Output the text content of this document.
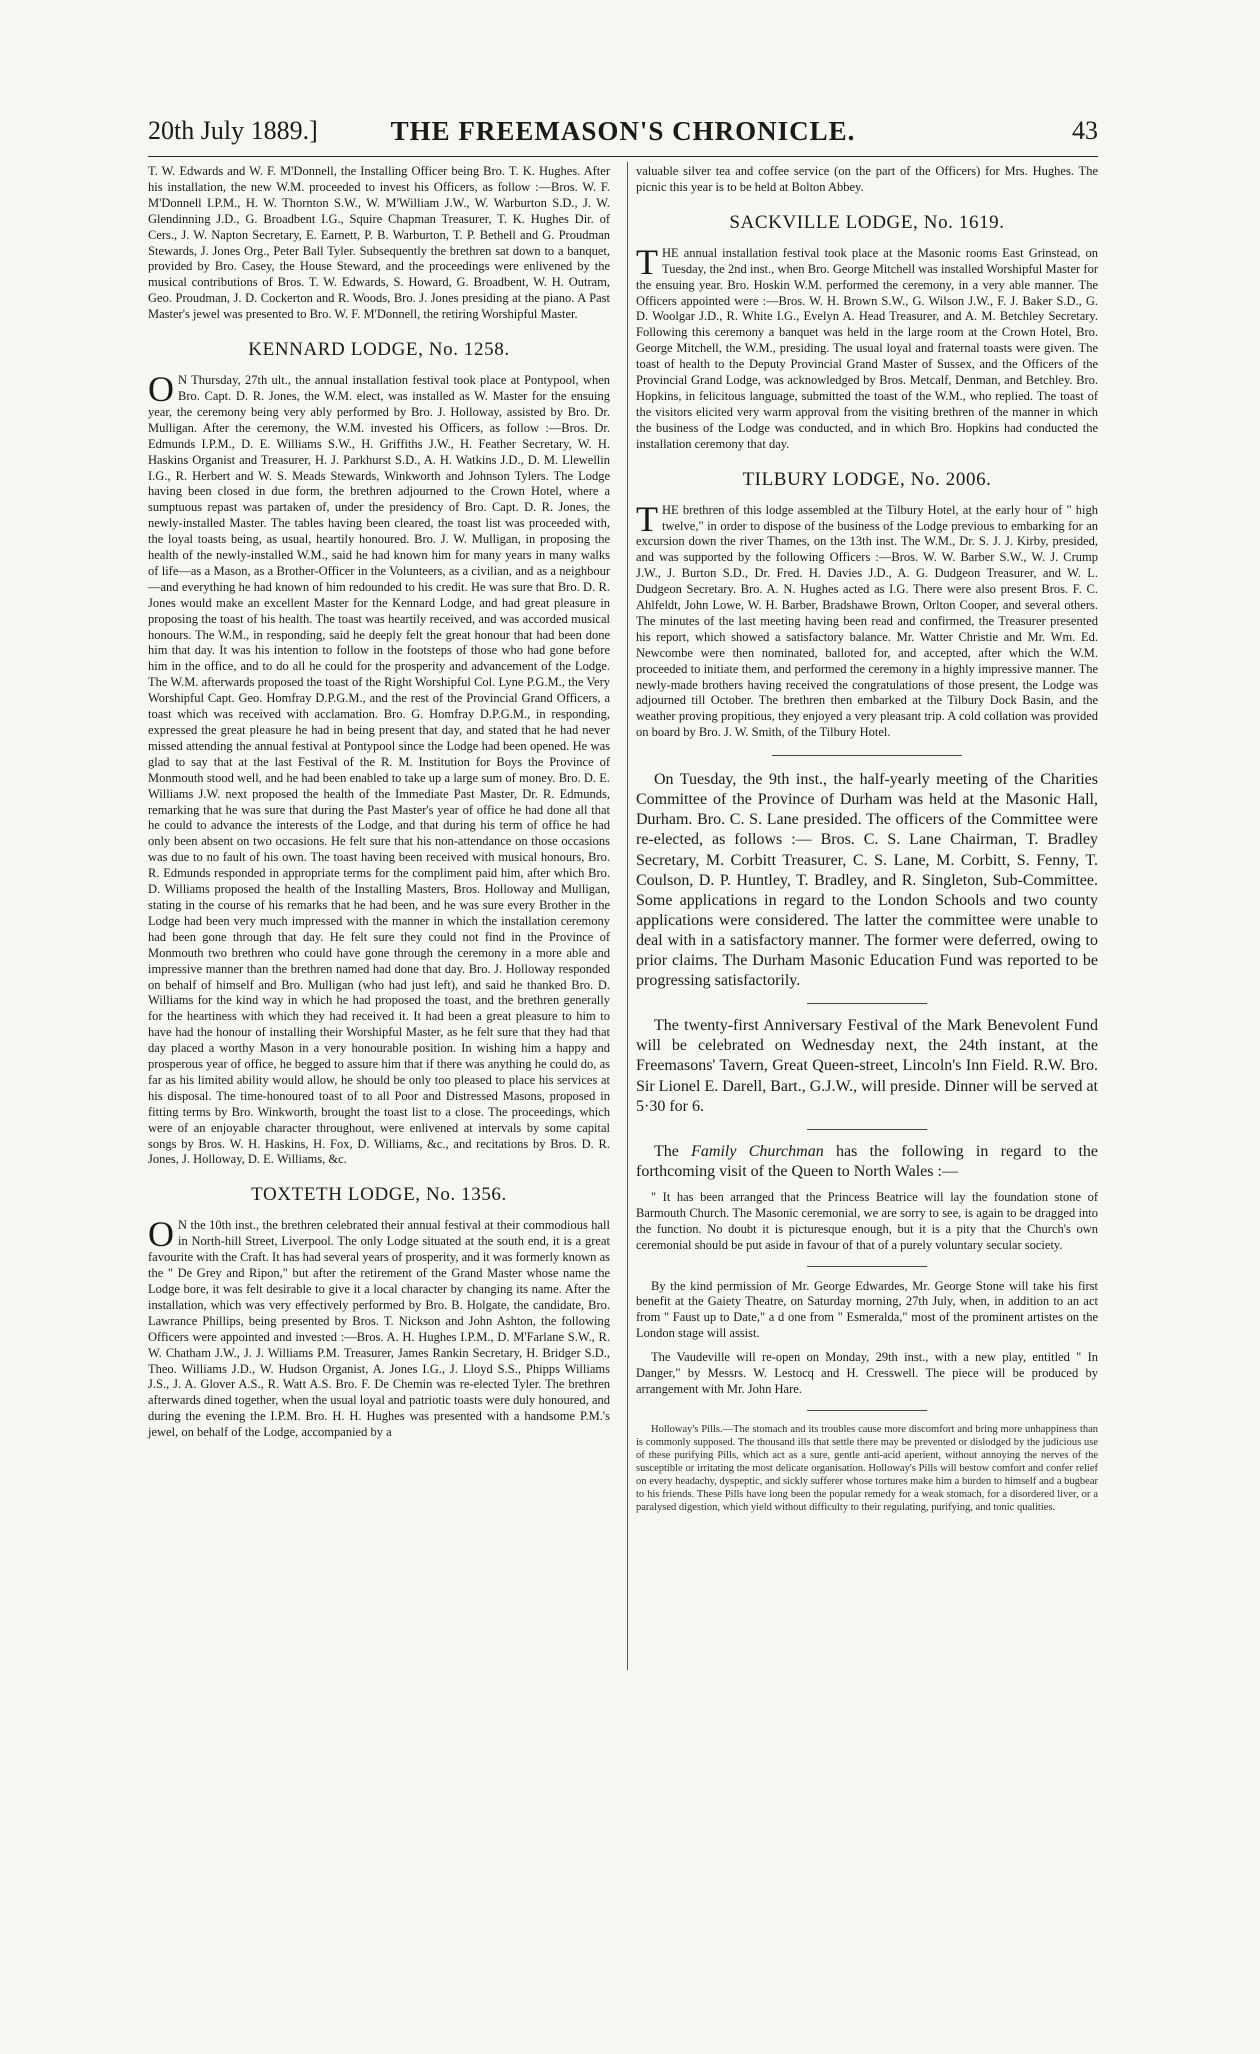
20th July 1889.]	THE FREEMASON'S CHRONICLE.	43

T. W. Edwards and W. F. M'Donnell, the Installing Officer being Bro. T. K. Hughes. After his installation, the new W.M. proceeded to invest his Officers, as follow :—Bros. W. F. M'Donnell I.P.M., H. W. Thornton S.W., W. M'William J.W., W. Warburton S.D., J. W. Glendinning J.D., G. Broadbent I.G., Squire Chapman Treasurer, T. K. Hughes Dir. of Cers., J. W. Napton Secretary, E. Earnett, P. B. Warburton, T. P. Bethell and G. Proudman Stewards, J. Jones Org., Peter Ball Tyler. Subsequently the brethren sat down to a banquet, provided by Bro. Casey, the House Steward, and the proceedings were enlivened by the musical contributions of Bros. T. W. Edwards, S. Howard, G. Broadbent, W. H. Outram, Geo. Proudman, J. D. Cockerton and R. Woods, Bro. J. Jones presiding at the piano. A Past Master's jewel was presented to Bro. W. F. M'Donnell, the retiring Worshipful Master.

KENNARD LODGE, No. 1258.

O N Thursday, 27th ult., the annual installation festival took place at Pontypool, when Bro. Capt. D. R. Jones, the W.M. elect, was installed as W. Master for the ensuing year, the ceremony being very ably performed by Bro. J. Holloway, assisted by Bro. Dr. Mulligan. After the ceremony, the W.M. invested his Officers, as follow :—Bros. Dr. Edmunds I.P.M., D. E. Williams S.W., H. Griffiths J.W., H. Feather Secretary, W. H. Haskins Organist and Treasurer, H. J. Parkhurst S.D., A. H. Watkins J.D., D. M. Llewellin I.G., R. Herbert and W. S. Meads Stewards, Winkworth and Johnson Tylers. The Lodge having been closed in due form, the brethren adjourned to the Crown Hotel, where a sumptuous repast was partaken of, under the presidency of Bro. Capt. D. R. Jones, the newly-installed Master. The tables having been cleared, the toast list was proceeded with, the loyal toasts being, as usual, heartily honoured. Bro. J. W. Mulligan, in proposing the health of the newly-installed W.M., said he had known him for many years in many walks of life—as a Mason, as a Brother-Officer in the Volunteers, as a civilian, and as a neighbour—and everything he had known of him redounded to his credit. He was sure that Bro. D. R. Jones would make an excellent Master for the Kennard Lodge, and had great pleasure in proposing the toast of his health. The toast was heartily received, and was accorded musical honours. The W.M., in responding, said he deeply felt the great honour that had been done him that day. It was his intention to follow in the footsteps of those who had gone before him in the office, and to do all he could for the prosperity and advancement of the Lodge. The W.M. afterwards proposed the toast of the Right Worshipful Col. Lyne P.G.M., the Very Worshipful Capt. Geo. Homfray D.P.G.M., and the rest of the Provincial Grand Officers, a toast which was received with acclamation. Bro. G. Homfray D.P.G.M., in responding, expressed the great pleasure he had in being present that day, and stated that he had never missed attending the annual festival at Pontypool since the Lodge had been opened. He was glad to say that at the last Festival of the R. M. Institution for Boys the Province of Monmouth stood well, and he had been enabled to take up a large sum of money. Bro. D. E. Williams J.W. next proposed the health of the Immediate Past Master, Dr. R. Edmunds, remarking that he was sure that during the Past Master's year of office he had done all that he could to advance the interests of the Lodge, and that during his term of office he had only been absent on two occasions. He felt sure that his non-attendance on those occasions was due to no fault of his own. The toast having been received with musical honours, Bro. R. Edmunds responded in appropriate terms for the compliment paid him, after which Bro. D. Williams proposed the health of the Installing Masters, Bros. Holloway and Mulligan, stating in the course of his remarks that he had been, and he was sure every Brother in the Lodge had been very much impressed with the manner in which the installation ceremony had been gone through that day. He felt sure they could not find in the Province of Monmouth two brethren who could have gone through the ceremony in a more able and impressive manner than the brethren named had done that day. Bro. J. Holloway responded on behalf of himself and Bro. Mulligan (who had just left), and said he thanked Bro. D. Williams for the kind way in which he had proposed the toast, and the brethren generally for the heartiness with which they had received it. It had been a great pleasure to him to have had the honour of installing their Worshipful Master, as he felt sure that they had that day placed a worthy Mason in a very honourable position. In wishing him a happy and prosperous year of office, he begged to assure him that if there was anything he could do, as far as his limited ability would allow, he should be only too pleased to place his services at his disposal. The time-honoured toast of to all Poor and Distressed Masons, proposed in fitting terms by Bro. Winkworth, brought the toast list to a close. The proceedings, which were of an enjoyable character throughout, were enlivened at intervals by some capital songs by Bros. W. H. Haskins, H. Fox, D. Williams, &c., and recitations by Bros. D. R. Jones, J. Holloway, D. E. Williams, &c.

TOXTETH LODGE, No. 1356.

O N the 10th inst., the brethren celebrated their annual festival at their commodious hall in North-hill Street, Liverpool. The only Lodge situated at the south end, it is a great favourite with the Craft. It has had several years of prosperity, and it was formerly known as the " De Grey and Ripon," but after the retirement of the Grand Master whose name the Lodge bore, it was felt desirable to give it a local character by changing its name. After the installation, which was very effectively performed by Bro. B. Holgate, the candidate, Bro. Lawrance Phillips, being presented by Bros. T. Nickson and John Ashton, the following Officers were appointed and invested :—Bros. A. H. Hughes I.P.M., D. M'Farlane S.W., R. W. Chatham J.W., J. J. Williams P.M. Treasurer, James Rankin Secretary, H. Bridger S.D., Theo. Williams J.D., W. Hudson Organist, A. Jones I.G., J. Lloyd S.S., Phipps Williams J.S., J. A. Glover A.S., R. Watt A.S. Bro. F. De Chemin was re-elected Tyler. The brethren afterwards dined together, when the usual loyal and patriotic toasts were duly honoured, and during the evening the I.P.M. Bro. H. H. Hughes was presented with a handsome P.M.'s jewel, on behalf of the Lodge, accompanied by a

valuable silver tea and coffee service (on the part of the Officers) for Mrs. Hughes. The picnic this year is to be held at Bolton Abbey.

SACKVILLE LODGE, No. 1619.

THE annual installation festival took place at the Masonic rooms East Grinstead, on Tuesday, the 2nd inst., when Bro. George Mitchell was installed Worshipful Master for the ensuing year. Bro. Hoskin W.M. performed the ceremony, in a very able manner. The Officers appointed were :—Bros. W. H. Brown S.W., G. Wilson J.W., F. J. Baker S.D., G. D. Woolgar J.D., R. White I.G., Evelyn A. Head Treasurer, and A. M. Betchley Secretary. Following this ceremony a banquet was held in the large room at the Crown Hotel, Bro. George Mitchell, the W.M., presiding. The usual loyal and fraternal toasts were given. The toast of health to the Deputy Provincial Grand Master of Sussex, and the Officers of the Provincial Grand Lodge, was acknowledged by Bros. Metcalf, Denman, and Betchley. Bro. Hopkins, in felicitous language, submitted the toast of the W.M., who replied. The toast of the visitors elicited very warm approval from the visiting brethren of the manner in which the business of the Lodge was conducted, and in which Bro. Hopkins had conducted the installation ceremony that day.

TILBURY LODGE, No. 2006.

THE brethren of this lodge assembled at the Tilbury Hotel, at the early hour of " high twelve," in order to dispose of the business of the Lodge previous to embarking for an excursion down the river Thames, on the 13th inst. The W.M., Dr. S. J. J. Kirby, presided, and was supported by the following Officers :—Bros. W. W. Barber S.W., W. J. Crump J.W., J. Burton S.D., Dr. Fred. H. Davies J.D., A. G. Dudgeon Treasurer, and W. L. Dudgeon Secretary. Bro. A. N. Hughes acted as I.G. There were also present Bros. F. C. Ahlfeldt, John Lowe, W. H. Barber, Bradshawe Brown, Orlton Cooper, and several others. The minutes of the last meeting having been read and confirmed, the Treasurer presented his report, which showed a satisfactory balance. Mr. Watter Christie and Mr. Wm. Ed. Newcombe were then nominated, balloted for, and accepted, after which the W.M. proceeded to initiate them, and performed the ceremony in a highly impressive manner. The newly-made brothers having received the congratulations of those present, the Lodge was adjourned till October. The brethren then embarked at the Tilbury Dock Basin, and the weather proving propitious, they enjoyed a very pleasant trip. A cold collation was provided on board by Bro. J. W. Smith, of the Tilbury Hotel.

On Tuesday, the 9th inst., the half-yearly meeting of the Charities Committee of the Province of Durham was held at the Masonic Hall, Durham. Bro. C. S. Lane presided. The officers of the Committee were re-elected, as follows :— Bros. C. S. Lane Chairman, T. Bradley Secretary, M. Corbitt Treasurer, C. S. Lane, M. Corbitt, S. Fenny, T. Coulson, D. P. Huntley, T. Bradley, and R. Singleton, Sub-Committee. Some applications in regard to the London Schools and two county applications were considered. The latter the committee were unable to deal with in a satisfactory manner. The former were deferred, owing to prior claims. The Durham Masonic Education Fund was reported to be progressing satisfactorily.

The twenty-first Anniversary Festival of the Mark Benevolent Fund will be celebrated on Wednesday next, the 24th instant, at the Freemasons' Tavern, Great Queen-street, Lincoln's Inn Field. R.W. Bro. Sir Lionel E. Darell, Bart., G.J.W., will preside. Dinner will be served at 5·30 for 6.

The Family Churchman has the following in regard to the forthcoming visit of the Queen to North Wales :—

" It has been arranged that the Princess Beatrice will lay the foundation stone of Barmouth Church. The Masonic ceremonial, we are sorry to see, is again to be dragged into the function. No doubt it is picturesque enough, but it is a pity that the Church's own ceremonial should be put aside in favour of that of a purely voluntary secular society.

By the kind permission of Mr. George Edwardes, Mr. George Stone will take his first benefit at the Gaiety Theatre, on Saturday morning, 27th July, when, in addition to an act from " Faust up to Date," a d one from " Esmeralda," most of the prominent artistes on the London stage will assist.

The Vaudeville will re-open on Monday, 29th inst., with a new play, entitled " In Danger," by Messrs. W. Lestocq and H. Cresswell. The piece will be produced by arrangement with Mr. John Hare.

Holloway's Pills.—The stomach and its troubles cause more discomfort and bring more unhappiness than is commonly supposed. The thousand ills that settle there may be prevented or dislodged by the judicious use of these purifying Pills, which act as a sure, gentle anti-acid aperient, without annoying the nerves of the susceptible or irritating the most delicate organisation. Holloway's Pills will bestow comfort and confer relief on every headachy, dyspeptic, and sickly sufferer whose tortures make him a burden to himself and a bugbear to his friends. These Pills have long been the popular remedy for a weak stomach, for a disordered liver, or a paralysed digestion, which yield without difficulty to their regulating, purifying, and tonic qualities.
